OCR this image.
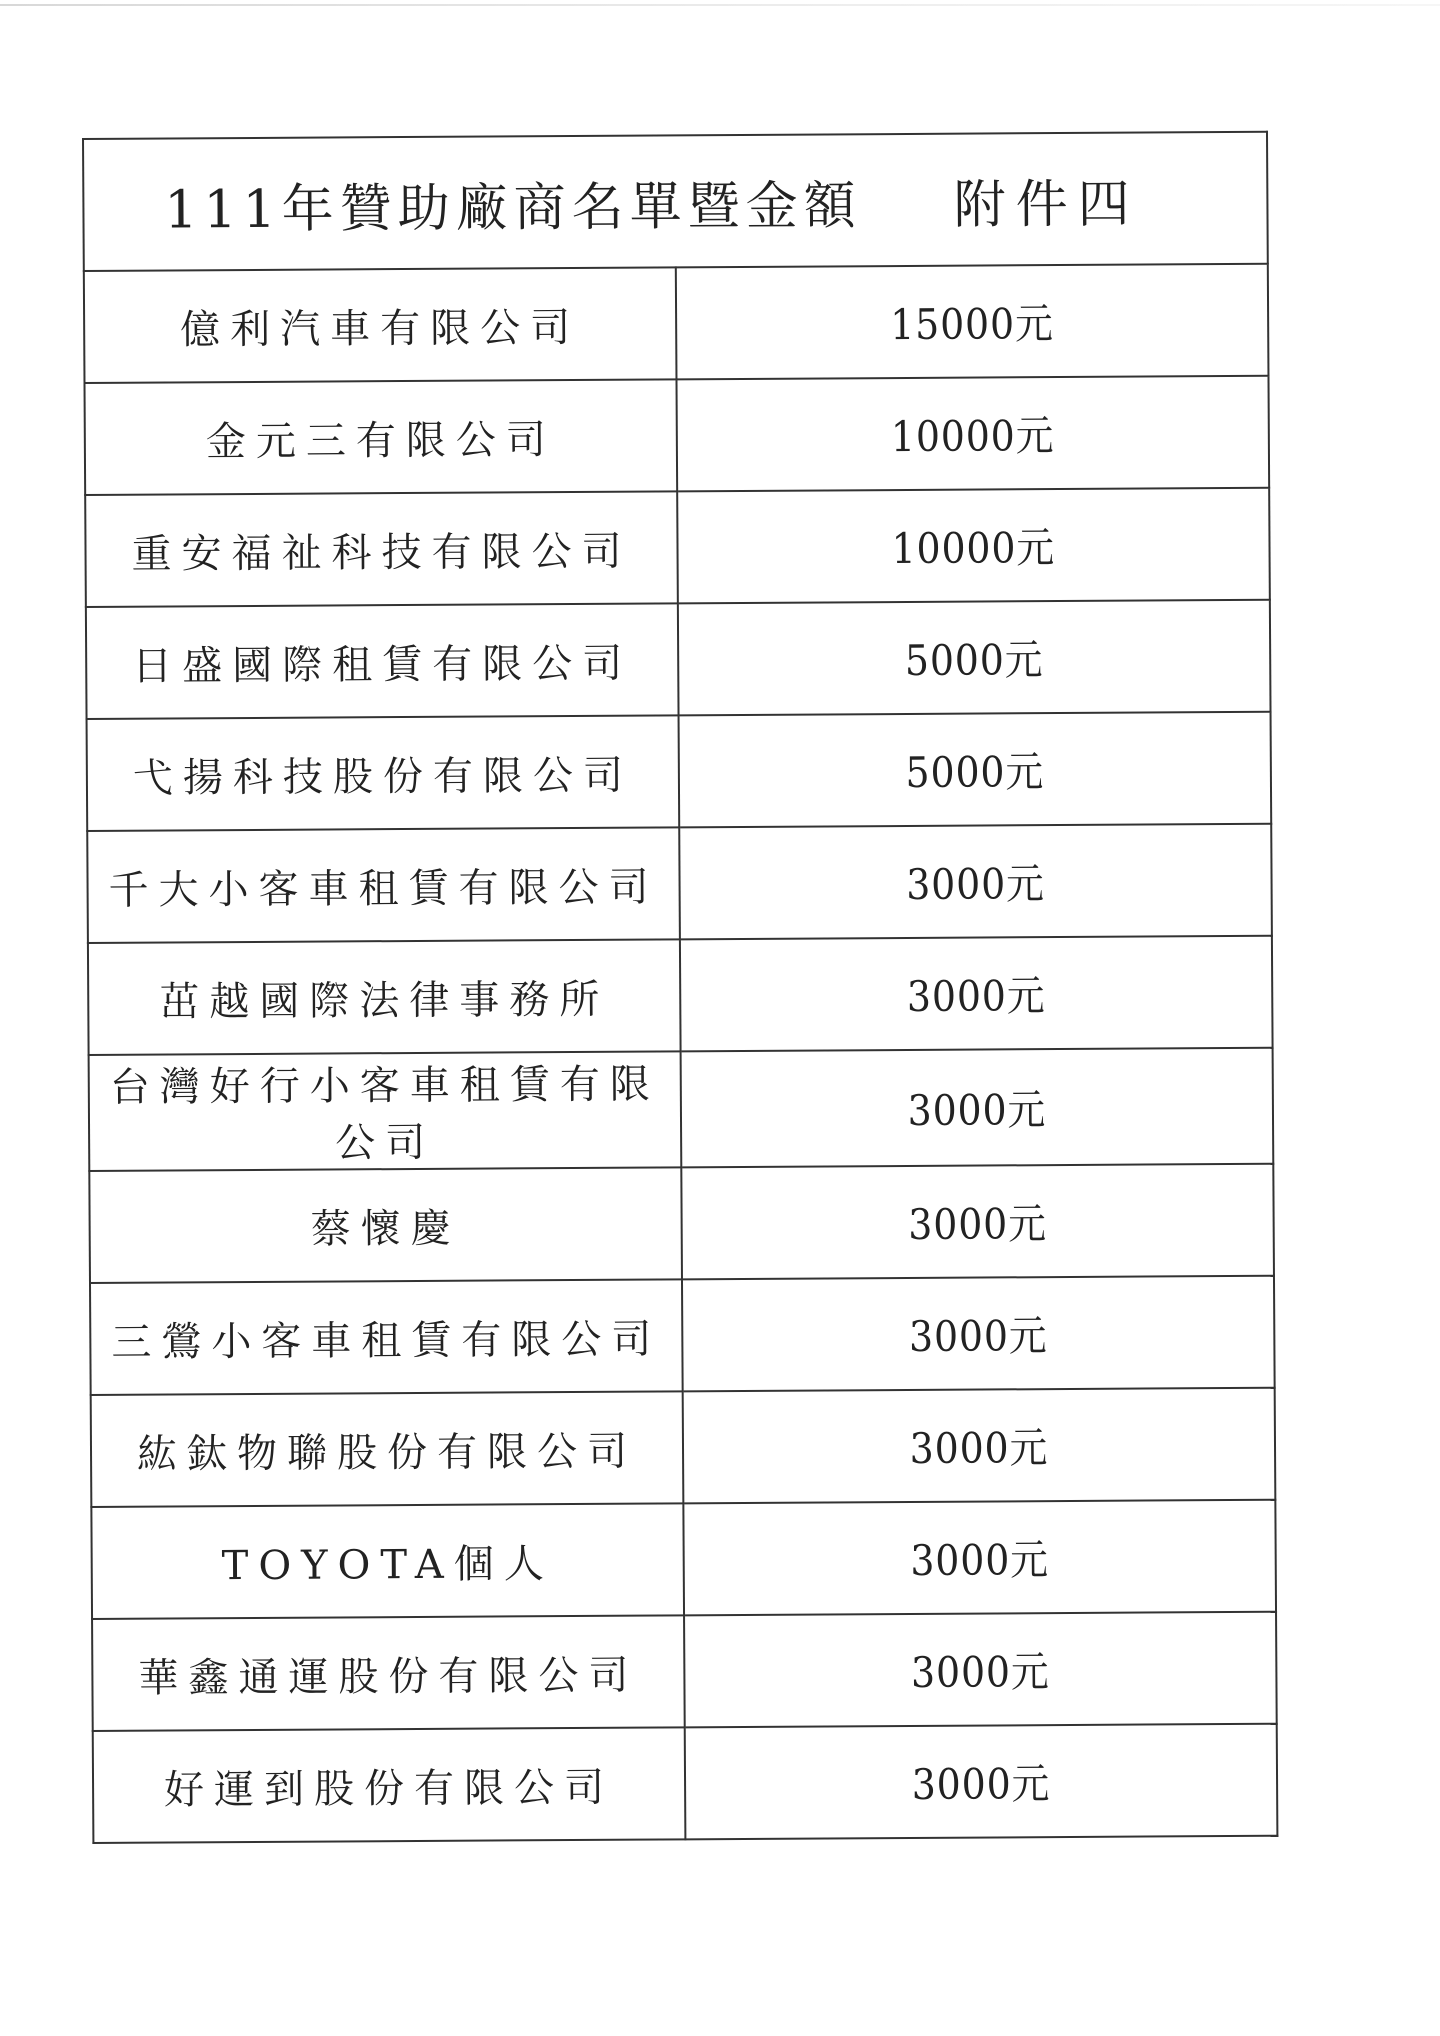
111年贊助廠商名單暨金額 附件四	
億利汽車有限公司	15000元
金元三有限公司	10000元
重安福祉科技有限公司	10000元
日盛國際租賃有限公司	5000元
弋揚科技股份有限公司	5000元
千大小客車租賃有限公司	3000元
茁越國際法律事務所	3000元
台灣好行小客車租賃有限公司	3000元
蔡懷慶	3000元
三鶯小客車租賃有限公司	3000元
紘鈦物聯股份有限公司	3000元
TOYOTA個人	3000元
華鑫通運股份有限公司	3000元
好運到股份有限公司	3000元
